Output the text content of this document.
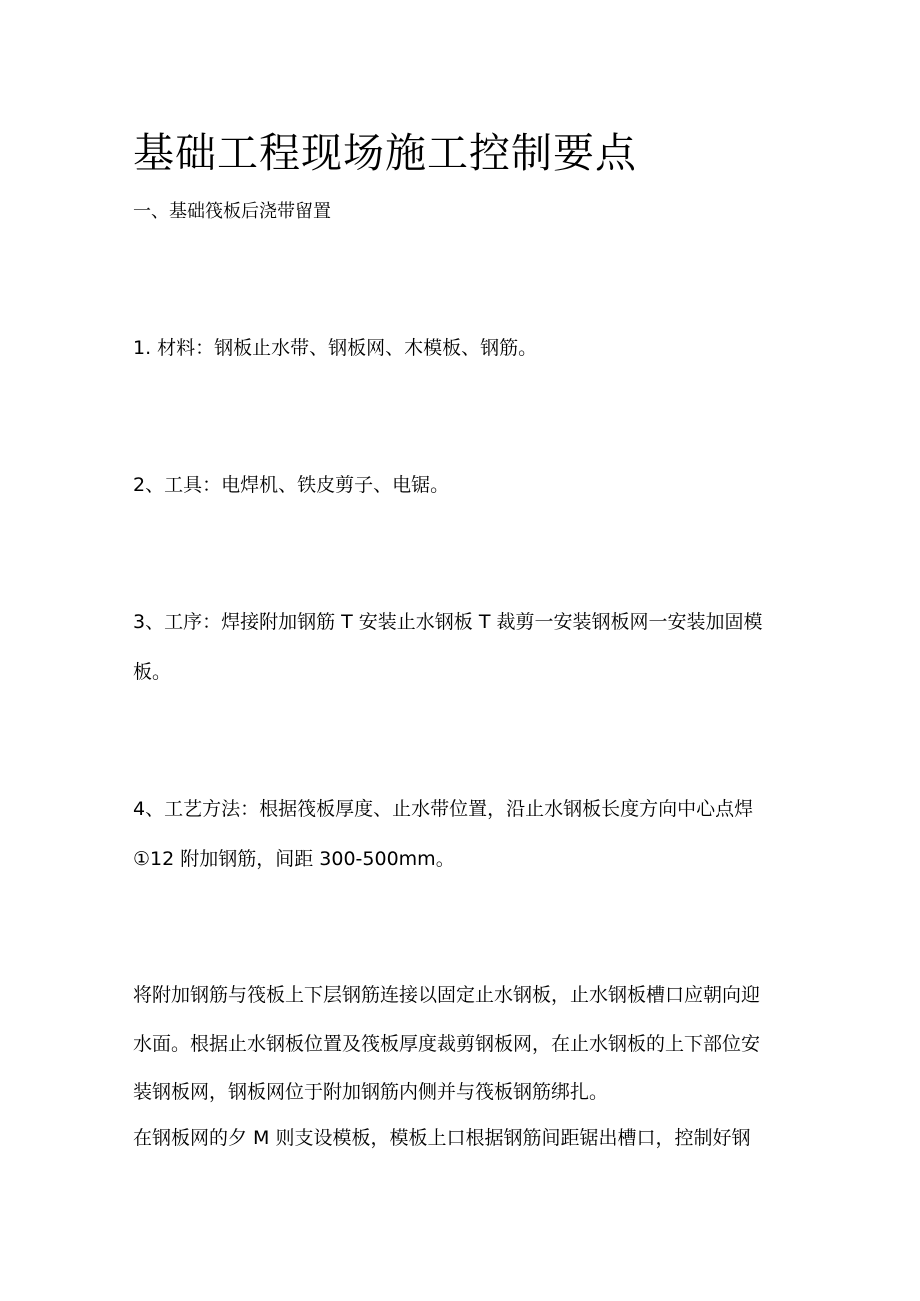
基础工程现场施工控制要点
一、基础筏板后浇带留置
1. 材料：钢板止水带、钢板网、木模板、钢筋。
2、工具：电焊机、铁皮剪子、电锯。
3、工序：焊接附加钢筋 T 安装止水钢板 T 裁剪一安装钢板网一安装加固模
板。
4、工艺方法：根据筏板厚度、止水带位置，沿止水钢板长度方向中心点焊
①12 附加钢筋，间距 300-500mm。
将附加钢筋与筏板上下层钢筋连接以固定止水钢板，止水钢板槽口应朝向迎
水面。根据止水钢板位置及筏板厚度裁剪钢板网，在止水钢板的上下部位安
装钢板网，钢板网位于附加钢筋内侧并与筏板钢筋绑扎。
在钢板网的夕 M 则支设模板，模板上口根据钢筋间距锯出槽口，控制好钢
